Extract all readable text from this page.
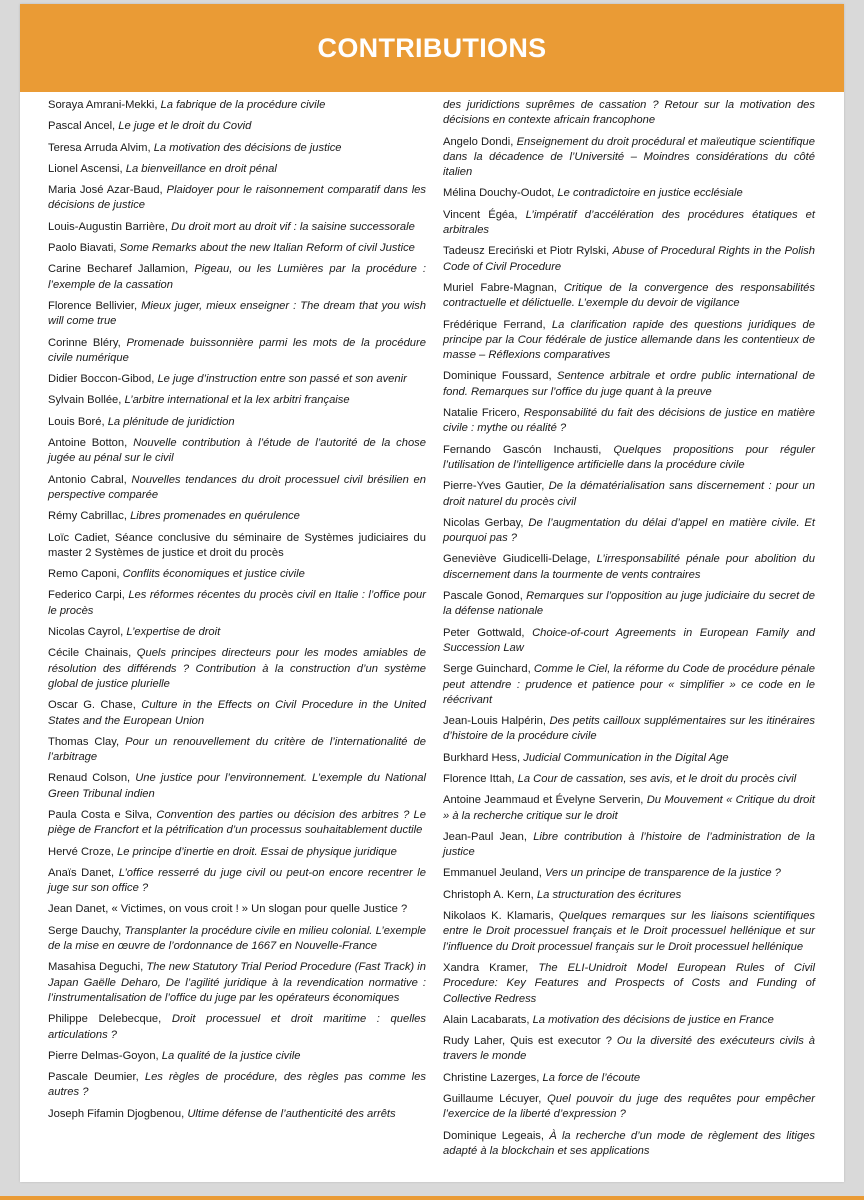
CONTRIBUTIONS

Soraya Amrani-Mekki, La fabrique de la procédure civile

Pascal Ancel, Le juge et le droit du Covid

Teresa Arruda Alvim, La motivation des décisions de justice

Lionel Ascensi, La bienveillance en droit pénal

Maria José Azar-Baud, Plaidoyer pour le raisonnement comparatif dans les décisions de justice

Louis-Augustin Barrière, Du droit mort au droit vif : la saisine successorale

Paolo Biavati, Some Remarks about the new Italian Reform of civil Justice

Carine Becharef Jallamion, Pigeau, ou les Lumières par la procédure : l’exemple de la cassation

Florence Bellivier, Mieux juger, mieux enseigner : The dream that you wish will come true

Corinne Bléry, Promenade buissonnière parmi les mots de la procédure civile numérique

Didier Boccon-Gibod, Le juge d’instruction entre son passé et son avenir

Sylvain Bollée, L’arbitre international et la lex arbitri française

Louis Boré, La plénitude de juridiction

Antoine Botton, Nouvelle contribution à l’étude de l’autorité de la chose jugée au pénal sur le civil

Antonio Cabral, Nouvelles tendances du droit processuel civil brésilien en perspective comparée

Rémy Cabrillac, Libres promenades en quérulence

Loïc Cadiet, Séance conclusive du séminaire de Systèmes judiciaires du master 2 Systèmes de justice et droit du procès

Remo Caponi, Conflits économiques et justice civile

Federico Carpi, Les réformes récentes du procès civil en Italie : l’office pour le procès

Nicolas Cayrol, L’expertise de droit

Cécile Chainais, Quels principes directeurs pour les modes amiables de résolution des différends ? Contribution à la construction d’un système global de justice plurielle

Oscar G. Chase, Culture in the Effects on Civil Procedure in the United States and the European Union

Thomas Clay, Pour un renouvellement du critère de l’internationalité de l’arbitrage

Renaud Colson, Une justice pour l’environnement. L’exemple du National Green Tribunal indien

Paula Costa e Silva, Convention des parties ou décision des arbitres ? Le piège de Francfort et la pétrification d’un processus souhaitablement ductile

Hervé Croze, Le principe d’inertie en droit. Essai de physique juridique

Anaïs Danet, L’office resserré du juge civil ou peut-on encore recentrer le juge sur son office ?

Jean Danet, « Victimes, on vous croit ! » Un slogan pour quelle Justice ?

Serge Dauchy, Transplanter la procédure civile en milieu colonial. L’exemple de la mise en œuvre de l’ordonnance de 1667 en Nouvelle-France

Masahisa Deguchi, The new Statutory Trial Period Procedure (Fast Track) in Japan Gaëlle Deharo, De l’agilité juridique à la revendication normative : l’instrumentalisation de l’office du juge par les opérateurs économiques

Philippe Delebecque, Droit processuel et droit maritime : quelles articulations ?

Pierre Delmas-Goyon, La qualité de la justice civile

Pascale Deumier, Les règles de procédure, des règles pas comme les autres ?

Joseph Fifamin Djogbenou, Ultime défense de l’authenticité des arrêts

des juridictions suprêmes de cassation ? Retour sur la motivation des décisions en contexte africain francophone

Angelo Dondi, Enseignement du droit procédural et maïeutique scientifique dans la décadence de l’Université – Moindres considérations du côté italien

Mélina Douchy-Oudot, Le contradictoire en justice ecclésiale

Vincent Égéa, L’impératif d’accélération des procédures étatiques et arbitrales

Tadeusz Ereciński et Piotr Rylski, Abuse of Procedural Rights in the Polish Code of Civil Procedure

Muriel Fabre-Magnan, Critique de la convergence des responsabilités contractuelle et délictuelle. L’exemple du devoir de vigilance

Frédérique Ferrand, La clarification rapide des questions juridiques de principe par la Cour fédérale de justice allemande dans les contentieux de masse – Réflexions comparatives

Dominique Foussard, Sentence arbitrale et ordre public international de fond. Remarques sur l’office du juge quant à la preuve

Natalie Fricero, Responsabilité du fait des décisions de justice en matière civile : mythe ou réalité ?

Fernando Gascón Inchausti, Quelques propositions pour réguler l’utilisation de l’intelligence artificielle dans la procédure civile

Pierre-Yves Gautier, De la dématérialisation sans discernement : pour un droit naturel du procès civil

Nicolas Gerbay, De l’augmentation du délai d’appel en matière civile. Et pourquoi pas ?

Geneviève Giudicelli-Delage, L’irresponsabilité pénale pour abolition du discernement dans la tourmente de vents contraires

Pascale Gonod, Remarques sur l’opposition au juge judiciaire du secret de la défense nationale

Peter Gottwald, Choice-of-court Agreements in European Family and Succession Law

Serge Guinchard, Comme le Ciel, la réforme du Code de procédure pénale peut attendre : prudence et patience pour « simplifier » ce code en le réécrivant

Jean-Louis Halpérin, Des petits cailloux supplémentaires sur les itinéraires d’histoire de la procédure civile

Burkhard Hess, Judicial Communication in the Digital Age

Florence Ittah, La Cour de cassation, ses avis, et le droit du procès civil

Antoine Jeammaud et Évelyne Serverin, Du Mouvement « Critique du droit » à la recherche critique sur le droit

Jean-Paul Jean, Libre contribution à l’histoire de l’administration de la justice

Emmanuel Jeuland, Vers un principe de transparence de la justice ?

Christoph A. Kern, La structuration des écritures

Nikolaos K. Klamaris, Quelques remarques sur les liaisons scientifiques entre le Droit processuel français et le Droit processuel hellénique et sur l’influence du Droit processuel français sur le Droit processuel hellénique

Xandra Kramer, The ELI-Unidroit Model European Rules of Civil Procedure: Key Features and Prospects of Costs and Funding of Collective Redress

Alain Lacabarats, La motivation des décisions de justice en France

Rudy Laher, Quis est executor ? Ou la diversité des exécuteurs civils à travers le monde

Christine Lazerges, La force de l’écoute

Guillaume Lécuyer, Quel pouvoir du juge des requêtes pour empêcher l’exercice de la liberté d’expression ?

Dominique Legeais, À la recherche d’un mode de règlement des litiges adapté à la blockchain et ses applications
